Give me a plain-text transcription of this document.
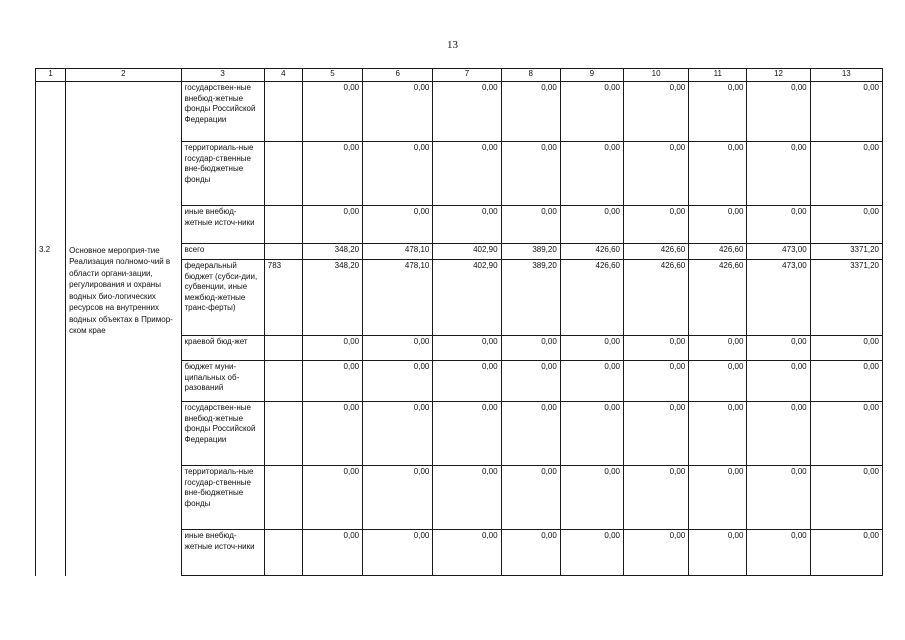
13
1	2	3	4	5	6	7	8	9	10	11	12	13
		государствен-ные внебюд-жетные фонды Российской Федерации		0,00	0,00	0,00	0,00	0,00	0,00	0,00	0,00	0,00
		территориаль-ные государ-ственные вне-бюджетные фонды		0,00	0,00	0,00	0,00	0,00	0,00	0,00	0,00	0,00
		иные внебюд-жетные источ-ники		0,00	0,00	0,00	0,00	0,00	0,00	0,00	0,00	0,00
3.2	Основное мероприя-тие Реализация полномо-чий в области органи-зации, регулирования и охраны водных био-логических ресурсов на внутренних водных объектах в Примор-ском крае	всего		348,20	478,10	402,90	389,20	426,60	426,60	426,60	473,00	3371,20
		федеральный бюджет (субси-дии, субвенции, иные межбюд-жетные транс-ферты)	783	348,20	478,10	402,90	389,20	426,60	426,60	426,60	473,00	3371,20
		краевой бюд-жет		0,00	0,00	0,00	0,00	0,00	0,00	0,00	0,00	0,00
		бюджет муни-ципальных об-разований		0,00	0,00	0,00	0,00	0,00	0,00	0,00	0,00	0,00
		государствен-ные внебюд-жетные фонды Российской Федерации		0,00	0,00	0,00	0,00	0,00	0,00	0,00	0,00	0,00
		территориаль-ные государ-ственные вне-бюджетные фонды		0,00	0,00	0,00	0,00	0,00	0,00	0,00	0,00	0,00
		иные внебюд-жетные источ-ники		0,00	0,00	0,00	0,00	0,00	0,00	0,00	0,00	0,00
